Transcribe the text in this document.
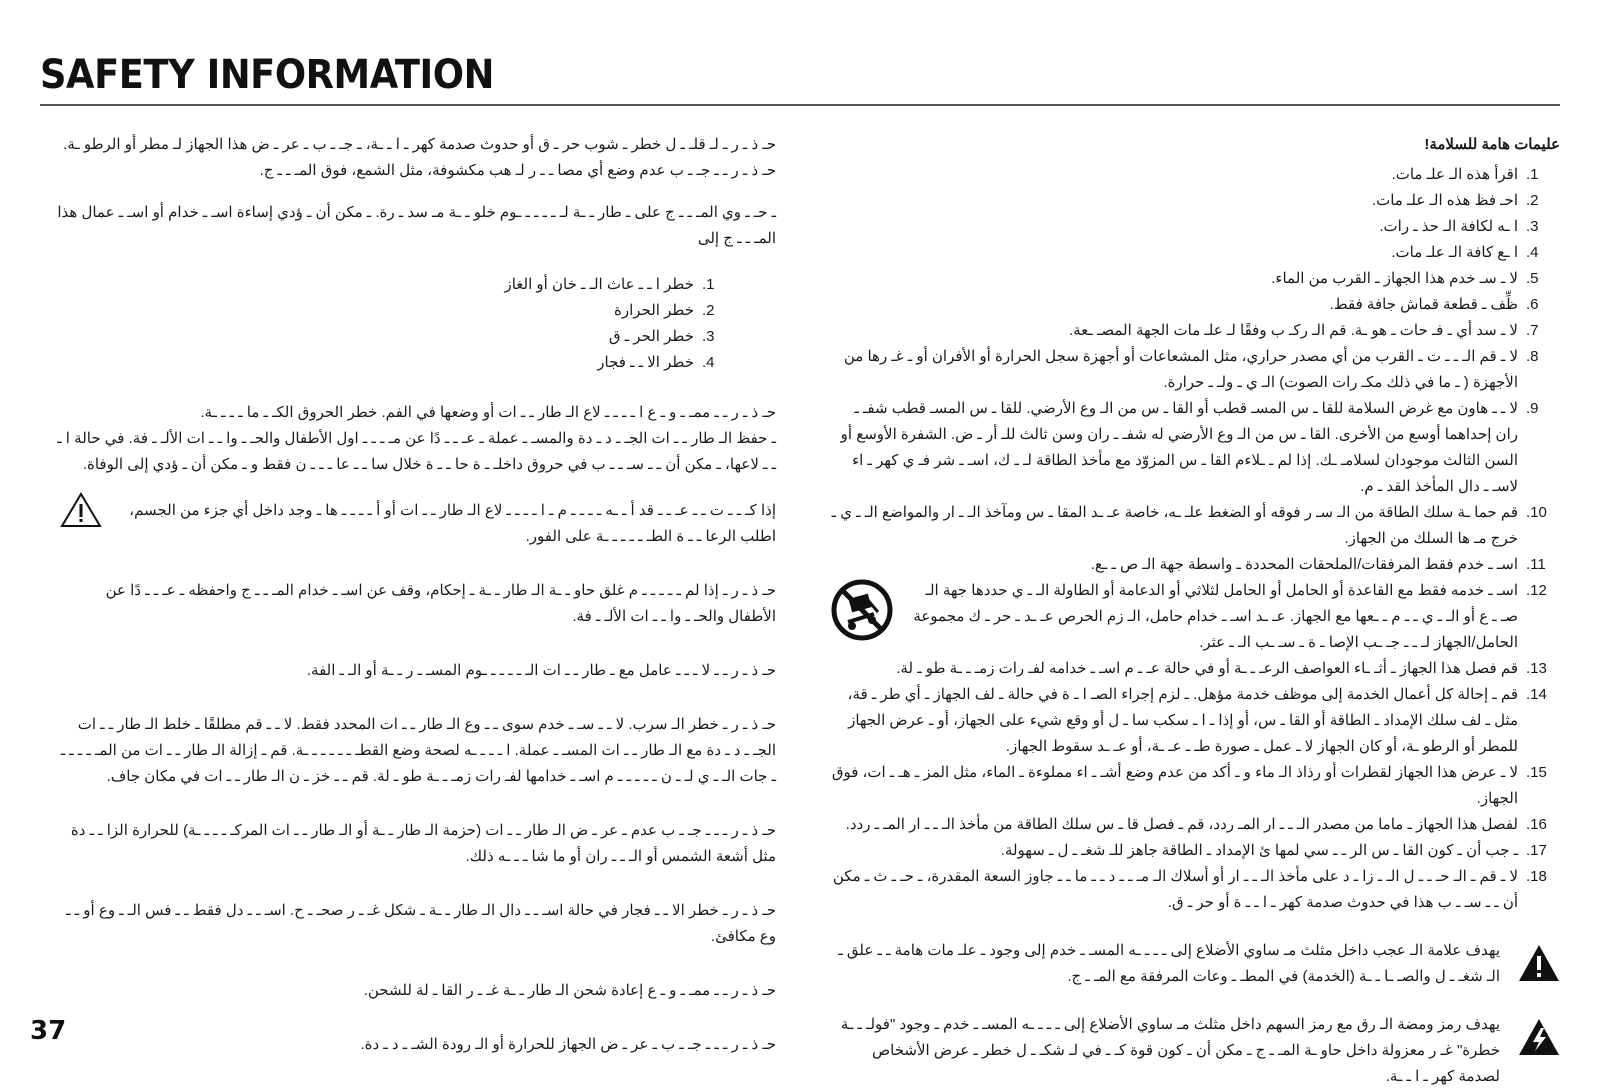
SAFETY INFORMATION

حـ ذ ـ ر ـ لـ قلـ ـ ل خطر ـ شوب حر ـ ق أو حدوث صدمة كهر ـ ا ـ ـة، ـ جـ ـ ب ـ عر ـ ض هذا الجهاز لـ مطر أو الرطو ـة.

حـ ذ ـ ر ـ ـ جـ ـ ب عدم وضع أي مصا ـ ـ ر لـ هب مكشوفة، مثل الشمع، فوق المـ ـ ـ ج.

ـ حـ ـ وي المـ ـ ـ ج على ـ طار ـ ـة لـ ـ ـ ـ ـ ـوم خلو ـ ـة مـ سد ـ رة. ـ مكن أن ـ ؤدي إساءة اسـ ـ خدام أو اسـ ـ عمال هذا المـ ـ ـ ج إلى

.1
خطر ا ـ ـ عاث الـ ـ خان أو الغاز
.2
خطر الحرارة
.3
خطر الحر ـ ق
.4
خطر الا ـ ـ فجار

حـ ذ ـ ر ـ ـ ممـ ـ و ـ ع ا ـ ـ ـ ـ لاع الـ طار ـ ـ ات أو وضعها في الفم. خطر الحروق الكـ ـ ما ـ ـ ـ ـة.

ـ حفظ الـ طار ـ ـ ات الجـ ـ د ـ دة والمسـ ـ عملة ـ عـ ـ ـ دًا عن مـ ـ ـ ـ اول الأطفال والحـ ـ وا ـ ـ ات الألـ ـ فة. في حالة ا ـ ـ ـ لاعها، ـ مكن أن ـ ـ سـ ـ ـ ب في حروق داخلـ ـ ة حا ـ ـ ة خلال سا ـ ـ عا ـ ـ ـ ن فقط و ـ مكن أن ـ ؤدي إلى الوفاة.

إذا كـ ـ ـ ت ـ ـ عـ ـ ـ قد أ ـ ـه ـ ـ ـ ـ م ـ ا ـ ـ ـ ـ لاع الـ طار ـ ـ ات أو أ ـ ـ ـ ـ ها ـ وجد داخل أي جزء من الجسم، اطلب الرعا ـ ـ ة الطـ ـ ـ ـ ـ ـة على الفور.

حـ ذ ـ ر ـ إذا لم ـ ـ ـ ـ ـ م غلق حاو ـ ـة الـ طار ـ ـة ـ إحكام، وقف عن اسـ ـ خدام المـ ـ ـ ج واحفظه ـ عـ ـ ـ دًا عن الأطفال والحـ ـ وا ـ ـ ات الألـ ـ فة.

حـ ذ ـ ر ـ ـ لا ـ ـ ـ عامل مع ـ طار ـ ـ ات الـ ـ ـ ـ ـ ـوم المسـ ـ ر ـ ـة أو الـ ـ الفة.

حـ ذ ـ ر ـ خطر الـ سرب. لا ـ ـ سـ ـ خدم سوى ـ ـ وع الـ طار ـ ـ ات المحدد فقط. لا ـ ـ قم مطلقًا ـ خلط الـ طار ـ ـ ات الجـ ـ د ـ دة مع الـ طار ـ ـ ات المسـ ـ عملة. ا ـ ـ ـ ـه لصحة وضع القطـ ـ ـ ـ ـ ـ ـة. قم ـ إزالة الـ طار ـ ـ ات من المـ ـ ـ ـ ـ ـ جات الـ ـ ي لـ ـ ن ـ ـ ـ ـ ـ م اسـ ـ خدامها لفـ رات زمـ ـ ـة طو ـ لة. قم ـ ـ خز ـ ن الـ طار ـ ـ ات في مكان جاف.

حـ ذ ـ ر ـ ـ ـ جـ ـ ب عدم ـ عر ـ ض الـ طار ـ ـ ات (حزمة الـ طار ـ ـة أو الـ طار ـ ـ ات المركـ ـ ـ ـ ـة) للحرارة الزا ـ ـ دة مثل أشعة الشمس أو الـ ـ ـ ران أو ما شا ـ ـ ـه ذلك.

حـ ذ ـ ر ـ خطر الا ـ ـ فجار في حالة اسـ ـ ـ دال الـ طار ـ ـة ـ شكل غـ ـ ر صحـ ـ ح. اسـ ـ ـ دل فقط ـ ـ فس الـ ـ وع أو ـ ـ وع مكافئ.

حـ ذ ـ ر ـ ـ ممـ ـ و ـ ع إعادة شحن الـ طار ـ ـة غـ ـ ر القا ـ لة للشحن.

حـ ذ ـ ر ـ ـ ـ جـ ـ ب ـ عر ـ ض الجهاز للحرارة أو الـ رودة الشـ ـ د ـ دة.

عليمات هامة للسلامة!

.1
اقرأ هذه الـ علـ مات.
.2
احـ فظ هذه الـ علـ مات.
.3
ا ـه لكافة الـ حذ ـ رات.
.4
ا ـع كافة الـ علـ مات.
.5
لا ـ سـ خدم هذا الجهاز ـ القرب من الماء.
.6
ظِّف ـ قطعة قماش جافة فقط.
.7
لا ـ سد أي ـ فـ حات ـ هو ـة. قم الـ ركـ ب وفقًا لـ علـ مات الجهة المصـ ـعة.
.8
لا ـ قم الـ ـ ـ ت ـ القرب من أي مصدر حراري، مثل المشعاعات أو أجهزة سجل الحرارة أو الأفران أو ـ غـ رها من الأجهزة ( ـ ما في ذلك مكـ رات الصوت) الـ ي ـ ولـ ـ حرارة.
.9
لا ـ ـ هاون مع غرض السلامة للقا ـ س المسـ قطب أو القا ـ س من الـ وع الأرضي. للقا ـ س المسـ قطب شفـ ـ ران إحداهما أوسع من الأخرى. القا ـ س من الـ وع الأرضي له شفـ ـ ران وسن ثالث للـ أر ـ ض. الشفرة الأوسع أو السن الثالث موجودان لسلامـ ـك. إذا لم ـ ـلاءم القا ـ س المزوّد مع مأخذ الطاقة لـ ـ ك، اسـ ـ شر فـ ي كهر ـ اء لاسـ ـ دال المأخذ القد ـ م.
.10
قم حما ـة سلك الطاقة من الـ سـ ر فوقه أو الضغط علـ ـه، خاصة عـ ـد المقا ـ س ومآخذ الـ ـ ار والمواضع الـ ـ ي ـ خرج مـ ها السلك من الجهاز.
.11
اسـ ـ خدم فقط المرفقات/الملحقات المحددة ـ واسطة جهة الـ ص ـ ـع.
.12
اسـ ـ خدمه فقط مع القاعدة أو الحامل أو الحامل لثلاثي أو الدعامة أو الطاولة الـ ـ ي حددها جهة الـ صـ ـ ع أو الـ ـ ي ـ ـ م ـ ـعها مع الجهاز. عـ ـد اسـ ـ خدام حامل، الـ زم الحرص عـ ـد ـ حر ـ ك مجموعة الحامل/الجهاز لـ ـ ـ جـ ـب الإصا ـ ة ـ سـ ـب الـ ـ عثر.
.13
قم فصل هذا الجهاز ـ أثـ ـاء العواصف الرعـ ـ ـة أو في حالة عـ ـ م اسـ ـ خدامه لفـ رات زمـ ـ ـة طو ـ لة.
.14
قم ـ إحالة كل أعمال الخدمة إلى موظف خدمة مؤهل. ـ لزم إجراء الصـ ا ـ ة في حالة ـ لف الجهاز ـ أي طر ـ قة، مثل ـ لف سلك الإمداد ـ الطاقة أو القا ـ س، أو إذا ـ ا ـ سكب سا ـ ل أو وقع شيء على الجهاز، أو ـ عرض الجهاز للمطر أو الرطو ـة، أو كان الجهاز لا ـ عمل ـ صورة طـ ـ عـ ـة، أو عـ ـد سقوط الجهاز.
.15
لا ـ عرض هذا الجهاز لقطرات أو رذاذ الـ ماء و ـ أكد من عدم وضع أشـ ـ اء مملوءة ـ الماء، مثل المز ـ هـ ـ ات، فوق الجهاز.
.16
لفصل هذا الجهاز ـ ماما من مصدر الـ ـ ـ ار المـ ردد، قم ـ فصل قا ـ س سلك الطاقة من مأخذ الـ ـ ـ ار المـ ـ ردد.
.17
ـ جب أن ـ كون القا ـ س الر ـ ـ سي لمها ئ الإمداد ـ الطاقة جاهز للـ شغـ ـ ل ـ سهولة.
.18
لا ـ قم ـ الـ حـ ـ ـ ل الـ ـ زا ـ د على مأخذ الـ ـ ـ ار أو أسلاك الـ مـ ـ ـ د ـ ـ ما ـ ـ جاوز السعة المقدرة، ـ حـ ـ ث ـ مكن أن ـ ـ سـ ـ ب هذا في حدوث صدمة كهر ـ ا ـ ـ ة أو حر ـ ق.

يهدف علامة الـ عجب داخل مثلث مـ ساوي الأضلاع إلى ـ ـ ـ ـه المسـ ـ خدم إلى وجود ـ علـ مات هامة ـ ـ علق ـ الـ شغـ ـ ل والصـ ـا ـ ـة (الخدمة) في المطـ ـ وعات المرفقة مع المـ ـ ج.

يهدف رمز ومضة الـ رق مع رمز السهم داخل مثلث مـ ساوي الأضلاع إلى ـ ـ ـ ـه المسـ ـ خدم ـ وجود "فولـ ـ ـة خطرة" غـ ر معزولة داخل حاو ـة المـ ـ ج ـ مكن أن ـ كون قوة كـ ـ في لـ شكـ ـ ل خطر ـ عرض الأشخاص لصدمة كهر ـ ا ـ ـة.

37
